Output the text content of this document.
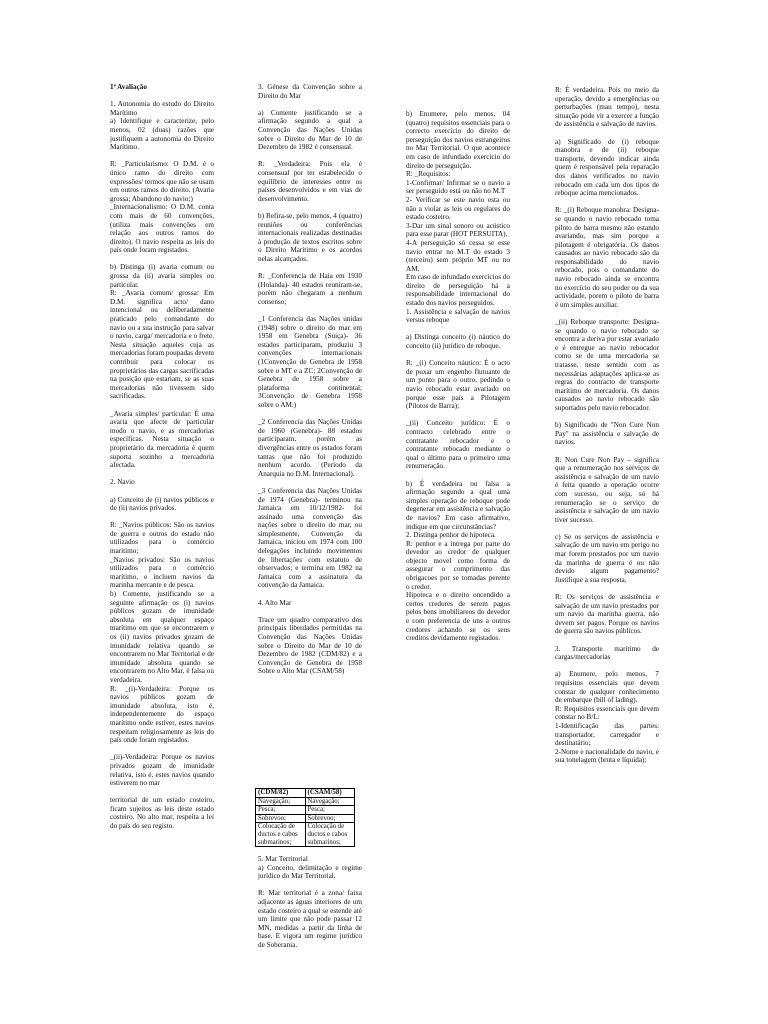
1ª Avaliação

1. Autonomia do estudo do Direito Marítimo
a) Identifique e caracterize, pelo menos, 02 (duas) razões que justifiquem a autonomia do Direito Marítimo.

R: _Particularismo: O D.M. é o único ramo do direito com expressões/ termos que não se usam em outros ramos do direito. (Avaria grossa; Abandono do navio;)
_Internacionalismo: O D.M. conta com mais de 60 convenções, (utiliza mais convenções em relação aos outros ramos do direito). O navio respeita as leis do país onde foram registados.

b) Distinga (i) avaria comum ou grossa da (ii) avaria simples ou particular.
R: _Avaria comum/ grossa: Em D.M. significa acto/ dano intencional ou deliberadamente praticado pelo comandante do navio ou a sua instrução para salvar o navio, carga/ mercadoria e o frete. Nesta situação aqueles cuja as mercadorias foram poupadas devem contribuir para colocar os proprietários das cargas sacrificadas na posição que estariam, se as suas mercadorias não tivessem sido sacrificadas.

_Avaria simples/ particular: É uma avaria que afecte de particular modo o navio, e as mercadorias específicas. Nesta situação o proprietário da mercadoria é quem suporta sozinho a mercadoria afectada.

2. Navio

a) Conceito de (i) navios públicos e de (ii) navios privados.

R: _Navios públicos: São os navios de guerra e outros do estado não utilizados para o comércio marítimo;
_Navios privados: São os navios utilizados para o comércio marítimo, e incluem navios da marinha mercante e de pesca.
b) Comente, justificando se a seguinte afirmação os (i) navios públicos gozam de imunidade absoluta em qualquer espaço marítimo em que se encontrarem e os (ii) navios privados gozam de imunidade relativa quando se encontrarem no Mar Territorial e de imunidade absoluta quando se encontrarem no Alto Mar, é falsa ou verdadeira.
R: _(i)-Verdadeira: Porque os navios públicos gozam de imunidade absoluta, isto é, independentemente do espaço marítimo onde estiver, estes navios respeitam religiosamente as leis do país onde foram registados.

_(ii)-Verdadeira: Porque os navios privados gozam de imunidade relativa, isto é, estes navios quando estiverem no mar

territorial de um estado costeiro, ficam sujeitos as leis deste estado costeiro. No alto mar, respeita a lei do país do seu registo.
3. Génese da Convenção sobre a Direito do Mar

a) Comente justificando se a afirmação segundo a qual a Convenção das Nações Unidas sobre o Direito do Mar de 10 de Dezembro de 1982 é consensual.

R: _Verdadeira: Pois ela é consensual por ter estabelecido o equilíbrio de interesses entre os países desenvolvidos e em vias de desenvolvimento.

b) Refira-se, pelo menos, 4 (quatro) reuniões ou conferências internacionais realizadas destinadas à produção de textos escritos sobre o Direito Marítimo e os acordos nelas alcançados.

R: _Conferencia de Haia em 1930 (Holanda)- 40 estados reuniram-se, porém não chegaram a nenhum consenso;

_1 Conferencia das Nações unidas (1948) sobre o direito do mar em 1958 em Genebra (Suiça)- 36 estados participaram, produziu 3 convenções internacionais (1Convenção de Genebra de 1958 sobre o MT e a ZC; 2Convenção de Genebra de 1958 sobre a plataforma continental; 3Convenção de Genebra 1958 sobre o AM.)

_2 Conferencia das Nações Unidas de 1960 (Genebra)- 88 estados participaram, porém as divergências entre os estados foram tantas que não foi produzido nenhum acordo. (Período da Anarquia no D.M. Internacional).

_3 Conferencia das Nações Unidas de 1974 (Genebra)- terminou na Jamaica em 10/12/1982- foi assinado uma convenção das nações sobre o direito do mar, ou simplesmente, Convenção da Jamaica, iniciou em 1974 com 100 delegações incluindo movimentos de libertações com estatuto de observados; e termina em 1982 na Jamaica com a assinatura da convenção da Jamaica.

4. Alto Mar

Trace um quadro comparativo dos principais liberdades permitidas na Convenção das Nações Unidas sobre o Direito do Mar de 10 de Dezembro de 1982 (CDM/82) e a Convenção de Genebra de 1958 Sobre o Alto Mar (CSAM/58)
(CDM/82)	(CSAM/58)
Navegação;	Navegação;
Pesca;	Pesca;
Sobrevoo;	Sobrevoo;
Colocação de ductos e cabos submarinos;	Colocação de ductos e cabos submarinos;
5. Mar Territorial
a) Conceito, delimitação e regime jurídico do Mar Territorial.

R: Mar territorial é a zona/ faixa adjacente as águas interiores de um estado costeiro a qual se estende até um limite que não pode passar 12 MN, medidas a partir da linha de base. E vigora um regime jurídico de Soberania.
b) Enumere, pelo menos, 04 (quatro) requisitos essenciais para o correcto exercício do direito de perseguição dos navios estrangeiros no Mar Territorial. O que acontece em caso de infundado exercício do direito de perseguição.
R: _Requisitos:
1-Confirmar/ Infirmar se o navio a ser perseguido está ou não no M.T
2- Verificar se este navio esta ou não a violar as leis ou regulares do estado costeiro.
3-Dar um sinal sonoro ou acústico para esse parar (HOT PERSUITA).
4-A perseguição só cessa se esse navio entrar no M.T do estado 3 (terceiro) sem próprio MT ou no AM.
Em caso de infundado exercícios do direito de perseguição há a responsabilidade internacional do estado dos navios perseguidos.
1. Assistência e salvação de navios versus reboque

a) Distinga conceito (i) náutico do conceito (ii) jurídico de reboque.

R: _(i) Conceito náutico: É o acto de puxar um engenho flutuante de um ponto para o outro, pedindo o navio rebocado estar avariado ou porque esse país a Pilotagem (Pilotos de Barra);

_(ii) Conceito jurídico: É o contracto celebrado entre o contratante rebocador e o contratante rebocado mediante o qual o último para o primeiro uma renumeração.

b) É verdadeira ou falsa a afirmação segundo a qual uma simples operação de reboque pode degenerar em assistência e salvação de navios? Em caso afirmativo, indique em que circunstâncias?
2. Distinga penhor de hipoteca.
R: penhor e a intrega por parte do devedor ao credor de qualquer objecto movel como forma de assegurar o comprimento das obrigacoes por se tomadas perente o credor.
Hipoteca e o direito oncendido a certos credores de serem pagos pelos bens imobiliareos do devedor e com preferencia de uns a outros credores achando se os seus creditos devidamente registados.
R: É verdadeira. Pois no meio da operação, devido a emergências ou perturbações (mau tempo), nesta situação pode vir a exercer a função de assistência e salvação de navios.

a) Significado de (i) reboque manobra e de (ii) reboque transporte, devendo indicar ainda quem é responsável pela reparação dos danos verificados no navio rebocado em cada um dos tipos de reboque acima mencionados.

R: _(i) Reboque manobra: Designa-se quando o navio rebocado toma piloto de barra mesmo não estando avariando, mas sim porque a pilotagem é obrigatória. Os danos causados ao navio rebocado são da responsabilidade do navio rebocado, pois o comandante do navio rebocado ainda se encontra no exercício do seu poder ou da sua actividade, porem o piloto de barra é um simples auxiliar.

_(ii) Reboque transporte: Designa-se quando o navio rebocado se encontra a deriva por estar avariado e é entregue ao navio rebocador como se de uma mercadoria se tratasse, neste sentido com as necessárias adaptações aplica-se as regras do contracto de transporte marítimo de mercadoria. Os danos causados ao navio rebocado são suportados pelo navio rebocador.

b) Significado de "Non Cure Non Pay" na assistência e salvação de navios.

R: Non Cure Non Pay – significa que a renumeração nos serviços de assistência e salvação de um navio é feita quando a operação ocorre com sucesso, ou seja, só há renumeração se o serviço de assistência e salvação de um navio tiver sucesso.

c) Se os serviços de assistência e salvação de um navio em perigo no mar forem prestados por um navio da marinha de guerra é ou não devido algum pagamento? Justifique a sua resposta.

R: Os serviços de assistência e salvação de um navio prestados por um navio da marinha guerra, não devem ser pagos. Porque os navios de guerra são navios públicos.

3. Transporte marítimo de cargas/mercadorias

a) Enumere, pelo menos, 7 requisitos essenciais que devem constar de qualquer conhecimento de embarque (bill of lading).
R: Requisitos essenciais que devem constar no B/L:
1-Identificação das partes: transportador, carregador e destinatário;
2-Nome e nacionalidade do navio, e sua tonelagem (bruta e líquida);
